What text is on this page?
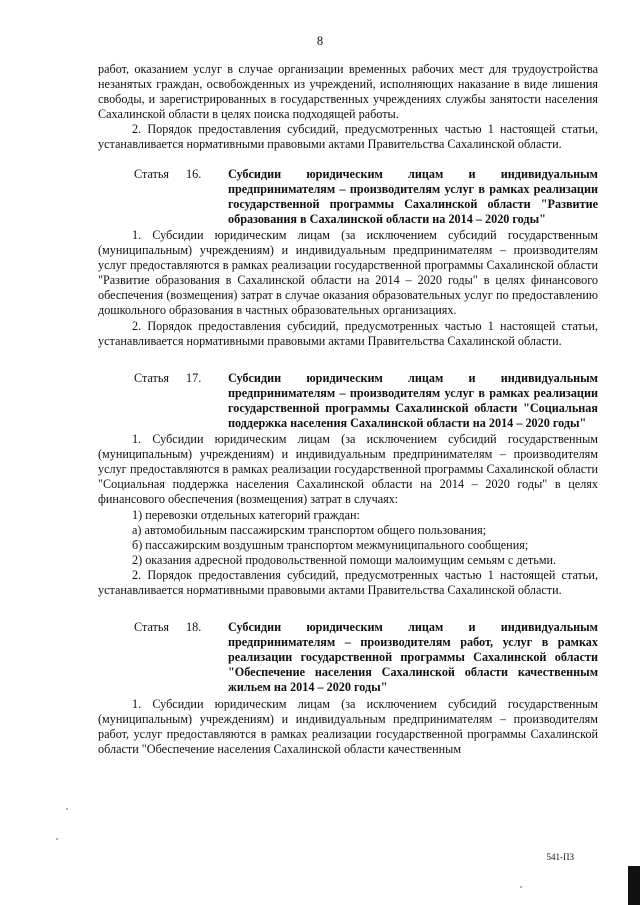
8

работ, оказанием услуг в случае организации временных рабочих мест для трудоустройства незанятых граждан, освобожденных из учреждений, исполняющих наказание в виде лишения свободы, и зарегистрированных в государственных учреждениях службы занятости населения Сахалинской области в целях поиска подходящей работы.

2. Порядок предоставления субсидий, предусмотренных частью 1 настоящей статьи, устанавливается нормативными правовыми актами Правительства Сахалинской области.

Статья	16.	Субсидии юридическим лицам и индивидуальным предпринимателям – производителям услуг в рамках реализации государственной программы Сахалинской области "Развитие образования в Сахалинской области на 2014 – 2020 годы"

1. Субсидии юридическим лицам (за исключением субсидий государственным (муниципальным) учреждениям) и индивидуальным предпринимателям – производителям услуг предоставляются в рамках реализации государственной программы Сахалинской области "Развитие образования в Сахалинской области на 2014 – 2020 годы" в целях финансового обеспечения (возмещения) затрат в случае оказания образовательных услуг по предоставлению дошкольного образования в частных образовательных организациях.

2. Порядок предоставления субсидий, предусмотренных частью 1 настоящей статьи, устанавливается нормативными правовыми актами Правительства Сахалинской области.

Статья	17.	Субсидии юридическим лицам и индивидуальным предпринимателям – производителям услуг в рамках реализации государственной программы Сахалинской области "Социальная поддержка населения Сахалинской области на 2014 – 2020 годы"

1. Субсидии юридическим лицам (за исключением субсидий государственным (муниципальным) учреждениям) и индивидуальным предпринимателям – производителям услуг предоставляются в рамках реализации государственной программы Сахалинской области "Социальная поддержка населения Сахалинской области на 2014 – 2020 годы" в целях финансового обеспечения (возмещения) затрат в случаях:

1) перевозки отдельных категорий граждан:

а) автомобильным пассажирским транспортом общего пользования;

б) пассажирским воздушным транспортом межмуниципального сообщения;

2) оказания адресной продовольственной помощи малоимущим семьям с детьми.

2. Порядок предоставления субсидий, предусмотренных частью 1 настоящей статьи, устанавливается нормативными правовыми актами Правительства Сахалинской области.

Статья	18.	Субсидии юридическим лицам и индивидуальным предпринимателям – производителям работ, услуг в рамках реализации государственной программы Сахалинской области "Обеспечение населения Сахалинской области качественным жильем на 2014 – 2020 годы"

1. Субсидии юридическим лицам (за исключением субсидий государственным (муниципальным) учреждениям) и индивидуальным предпринимателям – производителям работ, услуг предоставляются в рамках реализации государственной программы Сахалинской области "Обеспечение населения Сахалинской области качественным

541-ПЗ
